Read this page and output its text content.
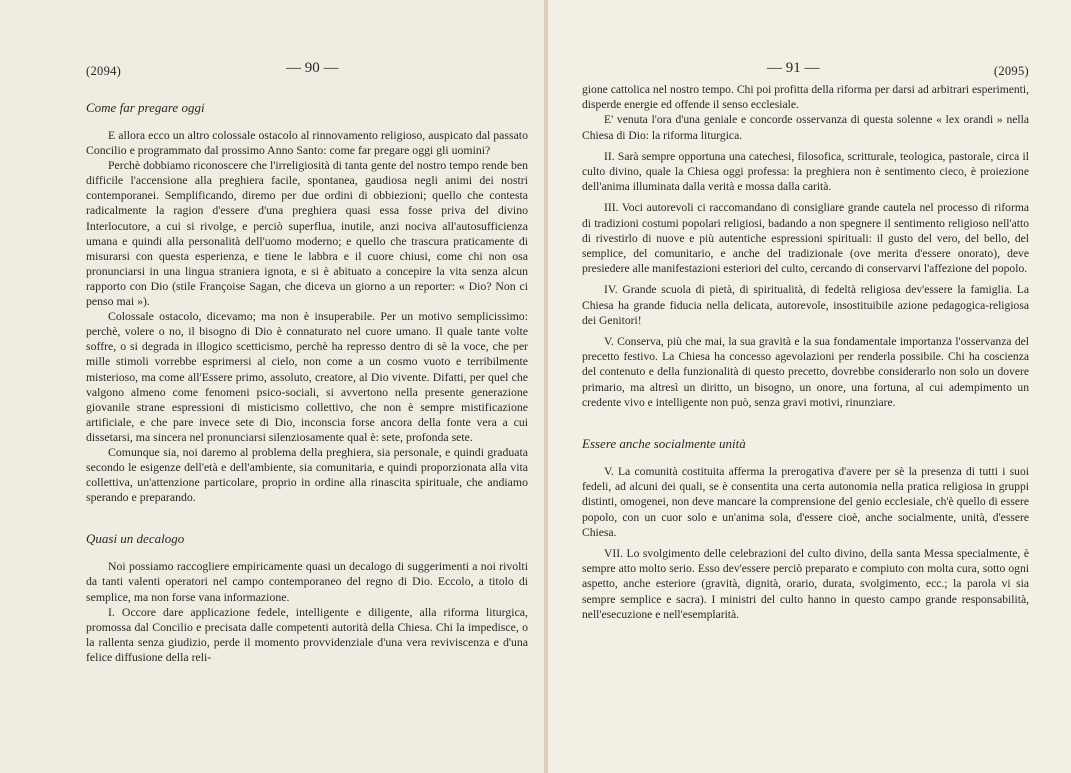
(2094)	— 90 —
Come far pregare oggi

E allora ecco un altro colossale ostacolo al rinnovamento religioso, auspicato dal passato Concilio e programmato dal prossimo Anno Santo: come far pregare oggi gli uomini?

Perchè dobbiamo riconoscere che l'irreligiosità di tanta gente del nostro tempo rende ben difficile l'accensione alla preghiera facile, spontanea, gaudiosa negli animi dei nostri contemporanei. Semplificando, diremo per due ordini di obbiezioni; quello che contesta radicalmente la ragion d'essere d'una preghiera quasi essa fosse priva del divino Interlocutore, a cui si rivolge, e perciò superflua, inutile, anzi nociva all'autosufficienza umana e quindi alla personalità dell'uomo moderno; e quello che trascura praticamente di misurarsi con questa esperienza, e tiene le labbra e il cuore chiusi, come chi non osa pronunciarsi in una lingua straniera ignota, e si è abituato a concepire la vita senza alcun rapporto con Dio (stile Françoise Sagan, che diceva un giorno a un reporter: « Dio? Non ci penso mai »).

Colossale ostacolo, dicevamo; ma non è insuperabile. Per un motivo semplicissimo: perchè, volere o no, il bisogno di Dio è connaturato nel cuore umano. Il quale tante volte soffre, o si degrada in illogico scetticismo, perchè ha represso dentro di sè la voce, che per mille stimoli vorrebbe esprimersi al cielo, non come a un cosmo vuoto e terribilmente misterioso, ma come all'Essere primo, assoluto, creatore, al Dio vivente. Difatti, per quel che valgono almeno come fenomeni psico-sociali, si avvertono nella presente generazione giovanile strane espressioni di misticismo collettivo, che non è sempre mistificazione artificiale, e che pare invece sete di Dio, inconscia forse ancora della fonte vera a cui dissetarsi, ma sincera nel pronunciarsi silenziosamente qual è: sete, profonda sete.

Comunque sia, noi daremo al problema della preghiera, sia personale, e quindi graduata secondo le esigenze dell'età e dell'ambiente, sia comunitaria, e quindi proporzionata alla vita collettiva, un'attenzione particolare, proprio in ordine alla rinascita spirituale, che andiamo sperando e preparando.

Quasi un decalogo

Noi possiamo raccogliere empiricamente quasi un decalogo di suggerimenti a noi rivolti da tanti valenti operatori nel campo contemporaneo del regno di Dio. Eccolo, a titolo di semplice, ma non forse vana informazione.

I. Occore dare applicazione fedele, intelligente e diligente, alla riforma liturgica, promossa dal Concilio e precisata dalle competenti autorità della Chiesa. Chi la impedisce, o la rallenta senza giudizio, perde il momento provvidenziale d'una vera reviviscenza e d'una felice diffusione della reli-

— 91 —	(2095)

gione cattolica nel nostro tempo. Chi poi profitta della riforma per darsi ad arbitrari esperimenti, disperde energie ed offende il senso ecclesiale.

E' venuta l'ora d'una geniale e concorde osservanza di questa solenne « lex orandi » nella Chiesa di Dio: la riforma liturgica.

II. Sarà sempre opportuna una catechesi, filosofica, scritturale, teologica, pastorale, circa il culto divino, quale la Chiesa oggi professa: la preghiera non è sentimento cieco, è proiezione dell'anima illuminata dalla verità e mossa dalla carità.

III. Voci autorevoli ci raccomandano di consigliare grande cautela nel processo di riforma di tradizioni costumi popolari religiosi, badando a non spegnere il sentimento religioso nell'atto di rivestirlo di nuove e più autentiche espressioni spirituali: il gusto del vero, del bello, del semplice, del comunitario, e anche del tradizionale (ove merita d'essere onorato), deve presiedere alle manifestazioni esteriori del culto, cercando di conservarvi l'affezione del popolo.

IV. Grande scuola di pietà, di spiritualità, di fedeltà religiosa dev'essere la famiglia. La Chiesa ha grande fiducia nella delicata, autorevole, insostituibile azione pedagogica-religiosa dei Genitori!

V. Conserva, più che mai, la sua gravità e la sua fondamentale importanza l'osservanza del precetto festivo. La Chiesa ha concesso agevolazioni per renderla possibile. Chi ha coscienza del contenuto e della funzionalità di questo precetto, dovrebbe considerarlo non solo un dovere primario, ma altresì un diritto, un bisogno, un onore, una fortuna, al cui adempimento un credente vivo e intelligente non può, senza gravi motivi, rinunziare.

Essere anche socialmente unità

V. La comunità costituita afferma la prerogativa d'avere per sè la presenza di tutti i suoi fedeli, ad alcuni dei quali, se è consentita una certa autonomia nella pratica religiosa in gruppi distinti, omogenei, non deve mancare la comprensione del genio ecclesiale, ch'è quello di essere popolo, con un cuor solo e un'anima sola, d'essere cioè, anche socialmente, unità, d'essere Chiesa.

VII. Lo svolgimento delle celebrazioni del culto divino, della santa Messa specialmente, è sempre atto molto serio. Esso dev'essere perciò preparato e compiuto con molta cura, sotto ogni aspetto, anche esteriore (gravità, dignità, orario, durata, svolgimento, ecc.; la parola vi sia sempre semplice e sacra). I ministri del culto hanno in questo campo grande responsabilità, nell'esecuzione e nell'esemplarità.
